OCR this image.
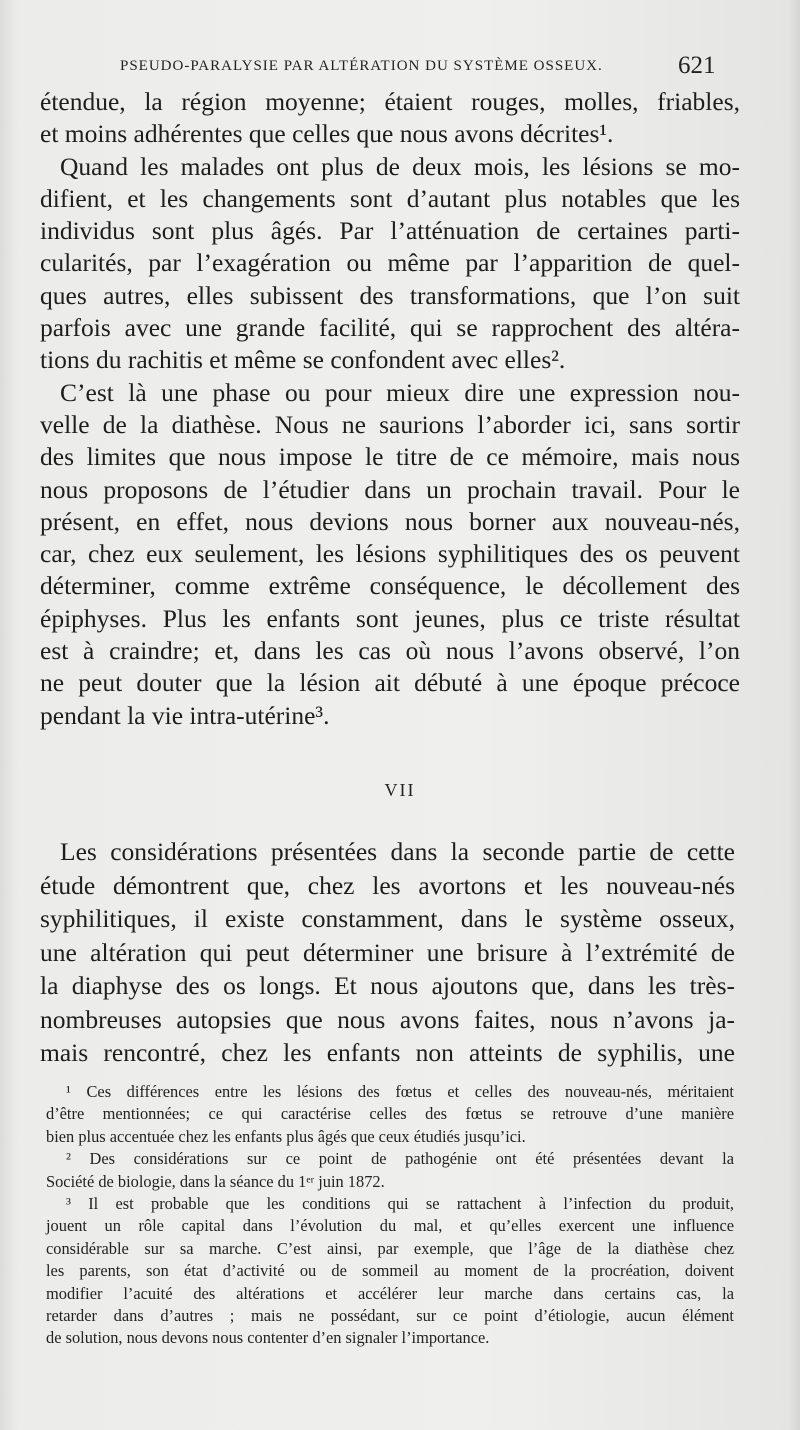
PSEUDO-PARALYSIE PAR ALTÉRATION DU SYSTÈME OSSEUX.	621
étendue, la région moyenne; étaient rouges, molles, friables,
et moins adhérentes que celles que nous avons décrites¹.
Quand les malades ont plus de deux mois, les lésions se mo-
difient, et les changements sont d’autant plus notables que les
individus sont plus âgés. Par l’atténuation de certaines parti-
cularités, par l’exagération ou même par l’apparition de quel-
ques autres, elles subissent des transformations, que l’on suit
parfois avec une grande facilité, qui se rapprochent des altéra-
tions du rachitis et même se confondent avec elles².
C’est là une phase ou pour mieux dire une expression nou-
velle de la diathèse. Nous ne saurions l’aborder ici, sans sortir
des limites que nous impose le titre de ce mémoire, mais nous
nous proposons de l’étudier dans un prochain travail. Pour le
présent, en effet, nous devions nous borner aux nouveau-nés,
car, chez eux seulement, les lésions syphilitiques des os peuvent
déterminer, comme extrême conséquence, le décollement des
épiphyses. Plus les enfants sont jeunes, plus ce triste résultat
est à craindre; et, dans les cas où nous l’avons observé, l’on
ne peut douter que la lésion ait débuté à une époque précoce
pendant la vie intra-utérine³.
VII
Les considérations présentées dans la seconde partie de cette
étude démontrent que, chez les avortons et les nouveau-nés
syphilitiques, il existe constamment, dans le système osseux,
une altération qui peut déterminer une brisure à l’extrémité de
la diaphyse des os longs. Et nous ajoutons que, dans les très-
nombreuses autopsies que nous avons faites, nous n’avons ja-
mais rencontré, chez les enfants non atteints de syphilis, une
¹ Ces différences entre les lésions des fœtus et celles des nouveau-nés, méritaient
d’être mentionnées; ce qui caractérise celles des fœtus se retrouve d’une manière
bien plus accentuée chez les enfants plus âgés que ceux étudiés jusqu’ici.
² Des considérations sur ce point de pathogénie ont été présentées devant la
Société de biologie, dans la séance du 1ᵉʳ juin 1872.
³ Il est probable que les conditions qui se rattachent à l’infection du produit,
jouent un rôle capital dans l’évolution du mal, et qu’elles exercent une influence
considérable sur sa marche. C’est ainsi, par exemple, que l’âge de la diathèse chez
les parents, son état d’activité ou de sommeil au moment de la procréation, doivent
modifier l’acuité des altérations et accélérer leur marche dans certains cas, la
retarder dans d’autres ; mais ne possédant, sur ce point d’étiologie, aucun élément
de solution, nous devons nous contenter d’en signaler l’importance.
